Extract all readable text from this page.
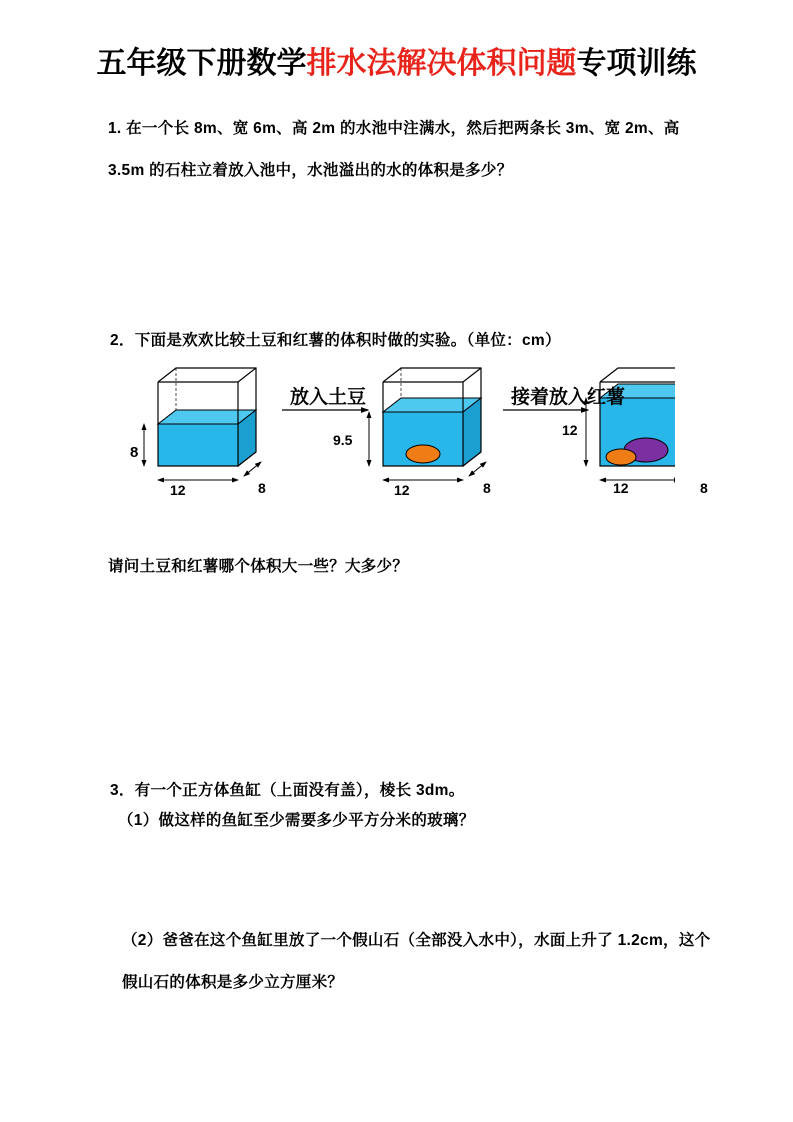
五年级下册数学排水法解决体积问题专项训练
1. 在一个长 8m、宽 6m、高 2m 的水池中注满水，然后把两条长 3m、宽 2m、高 3.5m 的石柱立着放入池中，水池溢出的水的体积是多少？
2．下面是欢欢比较土豆和红薯的体积时做的实验。（单位：cm）
8
12	8
放入土豆
9.5
12	8
接着放入红薯
12
12	8
请问土豆和红薯哪个体积大一些？大多少？
3．有一个正方体鱼缸（上面没有盖），棱长 3dm。
（1）做这样的鱼缸至少需要多少平方分米的玻璃？
（2）爸爸在这个鱼缸里放了一个假山石（全部没入水中），水面上升了 1.2cm，这个假山石的体积是多少立方厘米？
